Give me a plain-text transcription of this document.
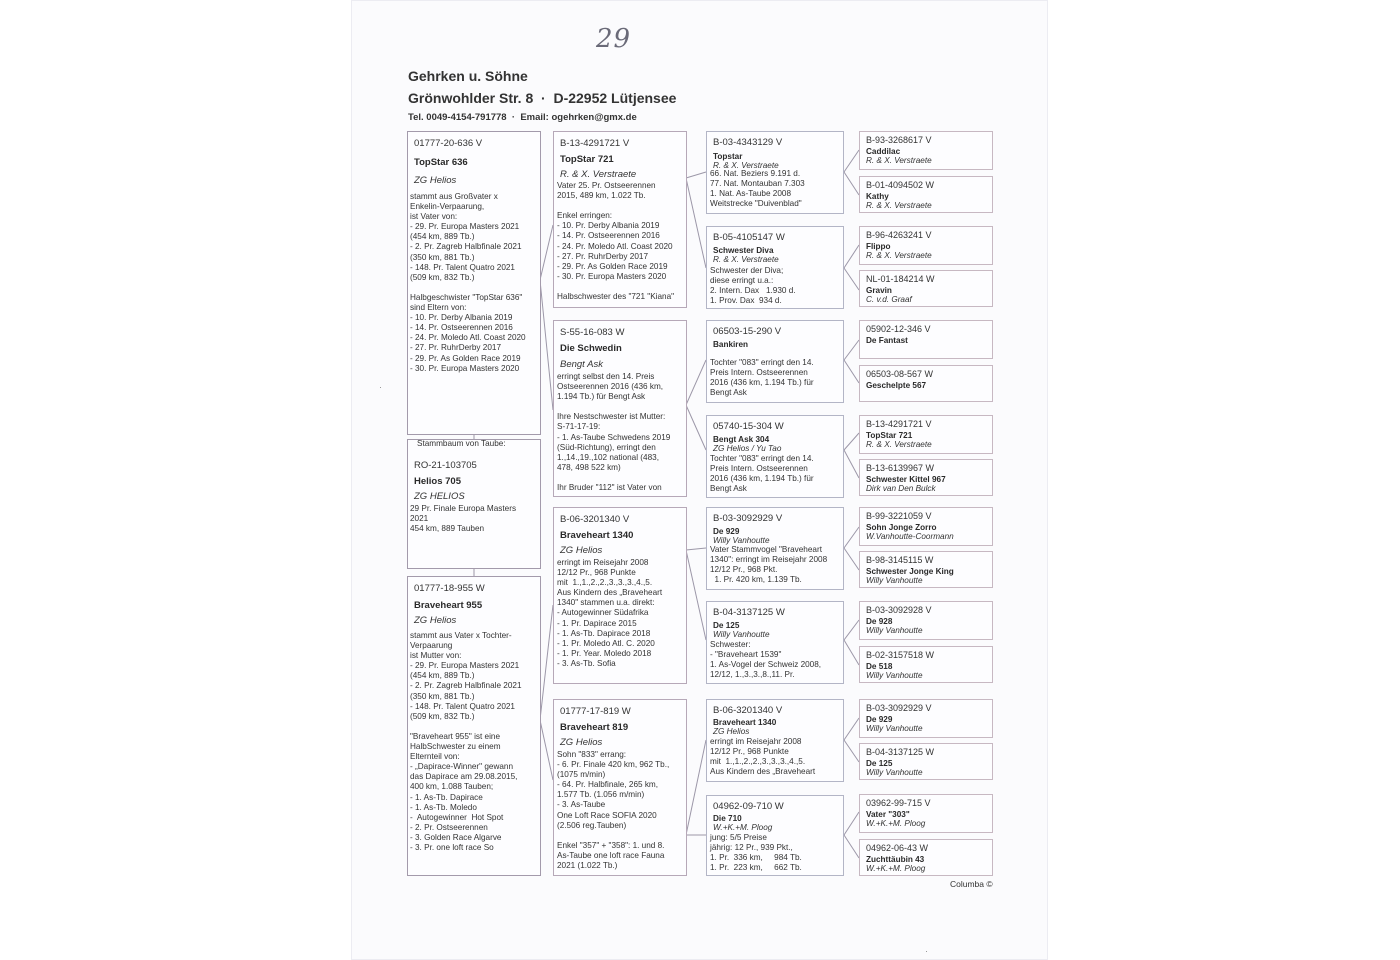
29
Gehrken u. Söhne
Grönwohlder Str. 8  ·  D-22952 Lütjensee
Tel. 0049-4154-791778  ·  Email: ogehrken@gmx.de
01777-20-636 V
TopStar 636
ZG Helios
stammt aus Großvater x
Enkelin-Verpaarung,
ist Vater von:
- 29. Pr. Europa Masters 2021
(454 km, 889 Tb.)
- 2. Pr. Zagreb Halbfinale 2021
(350 km, 881 Tb.)
- 148. Pr. Talent Quatro 2021
(509 km, 832 Tb.)

Halbgeschwister "TopStar 636"
sind Eltern von:
- 10. Pr. Derby Albania 2019
- 14. Pr. Ostseerennen 2016
- 24. Pr. Moledo Atl. Coast 2020
- 27. Pr. RuhrDerby 2017
- 29. Pr. As Golden Race 2019
- 30. Pr. Europa Masters 2020
Stammbaum von Taube:
RO-21-103705
Helios 705
ZG HELIOS
29 Pr. Finale Europa Masters
2021
454 km, 889 Tauben
01777-18-955 W
Braveheart 955
ZG Helios
stammt aus Vater x Tochter-
Verpaarung
ist Mutter von:
- 29. Pr. Europa Masters 2021
(454 km, 889 Tb.)
- 2. Pr. Zagreb Halbfinale 2021
(350 km, 881 Tb.)
- 148. Pr. Talent Quatro 2021
(509 km, 832 Tb.)

"Braveheart 955" ist eine
HalbSchwester zu einem
Elternteil von:
- „Dapirace-Winner" gewann
das Dapirace am 29.08.2015,
400 km, 1.088 Tauben;
- 1. As-Tb. Dapirace
- 1. As-Tb. Moledo
-  Autogewinner  Hot Spot
- 2. Pr. Ostseerennen
- 3. Golden Race Algarve
- 3. Pr. one loft race So
B-13-4291721 V
TopStar 721
R. & X. Verstraete
Vater 25. Pr. Ostseerennen
2015, 489 km, 1.022 Tb.

Enkel erringen:
- 10. Pr. Derby Albania 2019
- 14. Pr. Ostseerennen 2016
- 24. Pr. Moledo Atl. Coast 2020
- 27. Pr. RuhrDerby 2017
- 29. Pr. As Golden Race 2019
- 30. Pr. Europa Masters 2020

Halbschwester des "721 "Kiana"
S-55-16-083 W
Die Schwedin
Bengt Ask
erringt selbst den 14. Preis
Ostseerennen 2016 (436 km,
1.194 Tb.) für Bengt Ask

Ihre Nestschwester ist Mutter:
S-71-17-19:
- 1. As-Taube Schwedens 2019
(Süd-Richtung), erringt den
1.,14.,19.,102 national (483,
478, 498 522 km)

Ihr Bruder "112" ist Vater von
B-06-3201340 V
Braveheart 1340
ZG Helios
erringt im Reisejahr 2008
12/12 Pr., 968 Punkte
mit  1.,1.,2.,2.,3.,3.,3.,4.,5.
Aus Kindern des „Braveheart
1340" stammen u.a. direkt:
- Autogewinner Südafrika
- 1. Pr. Dapirace 2015
- 1. As-Tb. Dapirace 2018
- 1. Pr. Moledo Atl. C. 2020
- 1. Pr. Year. Moledo 2018
- 3. As-Tb. Sofia
01777-17-819 W
Braveheart 819
ZG Helios
Sohn "833" errang:
- 6. Pr. Finale 420 km, 962 Tb.,
(1075 m/min)
- 64. Pr. Halbfinale, 265 km,
1.577 Tb. (1.056 m/min)
- 3. As-Taube
One Loft Race SOFIA 2020
(2.506 reg.Tauben)

Enkel "357" + "358": 1. und 8.
As-Taube one loft race Fauna
2021 (1.022 Tb.)
B-03-4343129 V
Topstar
R. & X. Verstraete
66. Nat. Beziers 9.191 d.
77. Nat. Montauban 7.303
1. Nat. As-Taube 2008
Weitstrecke "Duivenblad"
B-05-4105147 W
Schwester Diva
R. & X. Verstraete
Schwester der Diva;
diese erringt u.a.:
2. Intern. Dax   1.930 d.
1. Prov. Dax  934 d.
06503-15-290 V
Bankiren
Tochter "083" erringt den 14.
Preis Intern. Ostseerennen
2016 (436 km, 1.194 Tb.) für
Bengt Ask
05740-15-304 W
Bengt Ask 304
ZG Helios / Yu Tao
Tochter "083" erringt den 14.
Preis Intern. Ostseerennen
2016 (436 km, 1.194 Tb.) für
Bengt Ask
B-03-3092929 V
De 929
Willy Vanhoutte
Vater Stammvogel "Braveheart
1340": erringt im Reisejahr 2008
12/12 Pr., 968 Pkt.
1. Pr. 420 km, 1.139 Tb.
B-04-3137125 W
De 125
Willy Vanhoutte
Schwester:
- "Braveheart 1539"
1. As-Vogel der Schweiz 2008,
12/12, 1.,3.,3.,8.,11. Pr.
B-06-3201340 V
Braveheart 1340
ZG Helios
erringt im Reisejahr 2008
12/12 Pr., 968 Punkte
mit  1.,1.,2.,2.,3.,3.,3.,4.,5.
Aus Kindern des „Braveheart
04962-09-710 W
Die 710
W.+K.+M. Ploog
jung: 5/5 Preise
jährig: 12 Pr., 939 Pkt.,
1. Pr.  336 km,     984 Tb.
1. Pr.  223 km,     662 Tb.
B-93-3268617 V
Caddilac
R. & X. Verstraete
B-01-4094502 W
Kathy
R. & X. Verstraete
B-96-4263241 V
Flippo
R. & X. Verstraete
NL-01-184214 W
Gravin
C. v.d. Graaf
05902-12-346 V
De Fantast
06503-08-567 W
Geschelpte 567
B-13-4291721 V
TopStar 721
R. & X. Verstraete
B-13-6139967 W
Schwester Kittel 967
Dirk van Den Bulck
B-99-3221059 V
Sohn Jonge Zorro
W.Vanhoutte-Coormann
B-98-3145115 W
Schwester Jonge King
Willy Vanhoutte
B-03-3092928 V
De 928
Willy Vanhoutte
B-02-3157518 W
De 518
Willy Vanhoutte
B-03-3092929 V
De 929
Willy Vanhoutte
B-04-3137125 W
De 125
Willy Vanhoutte
03962-99-715 V
Vater "303"
W.+K.+M. Ploog
04962-06-43 W
Zuchttäubin 43
W.+K.+M. Ploog
Columba ©
